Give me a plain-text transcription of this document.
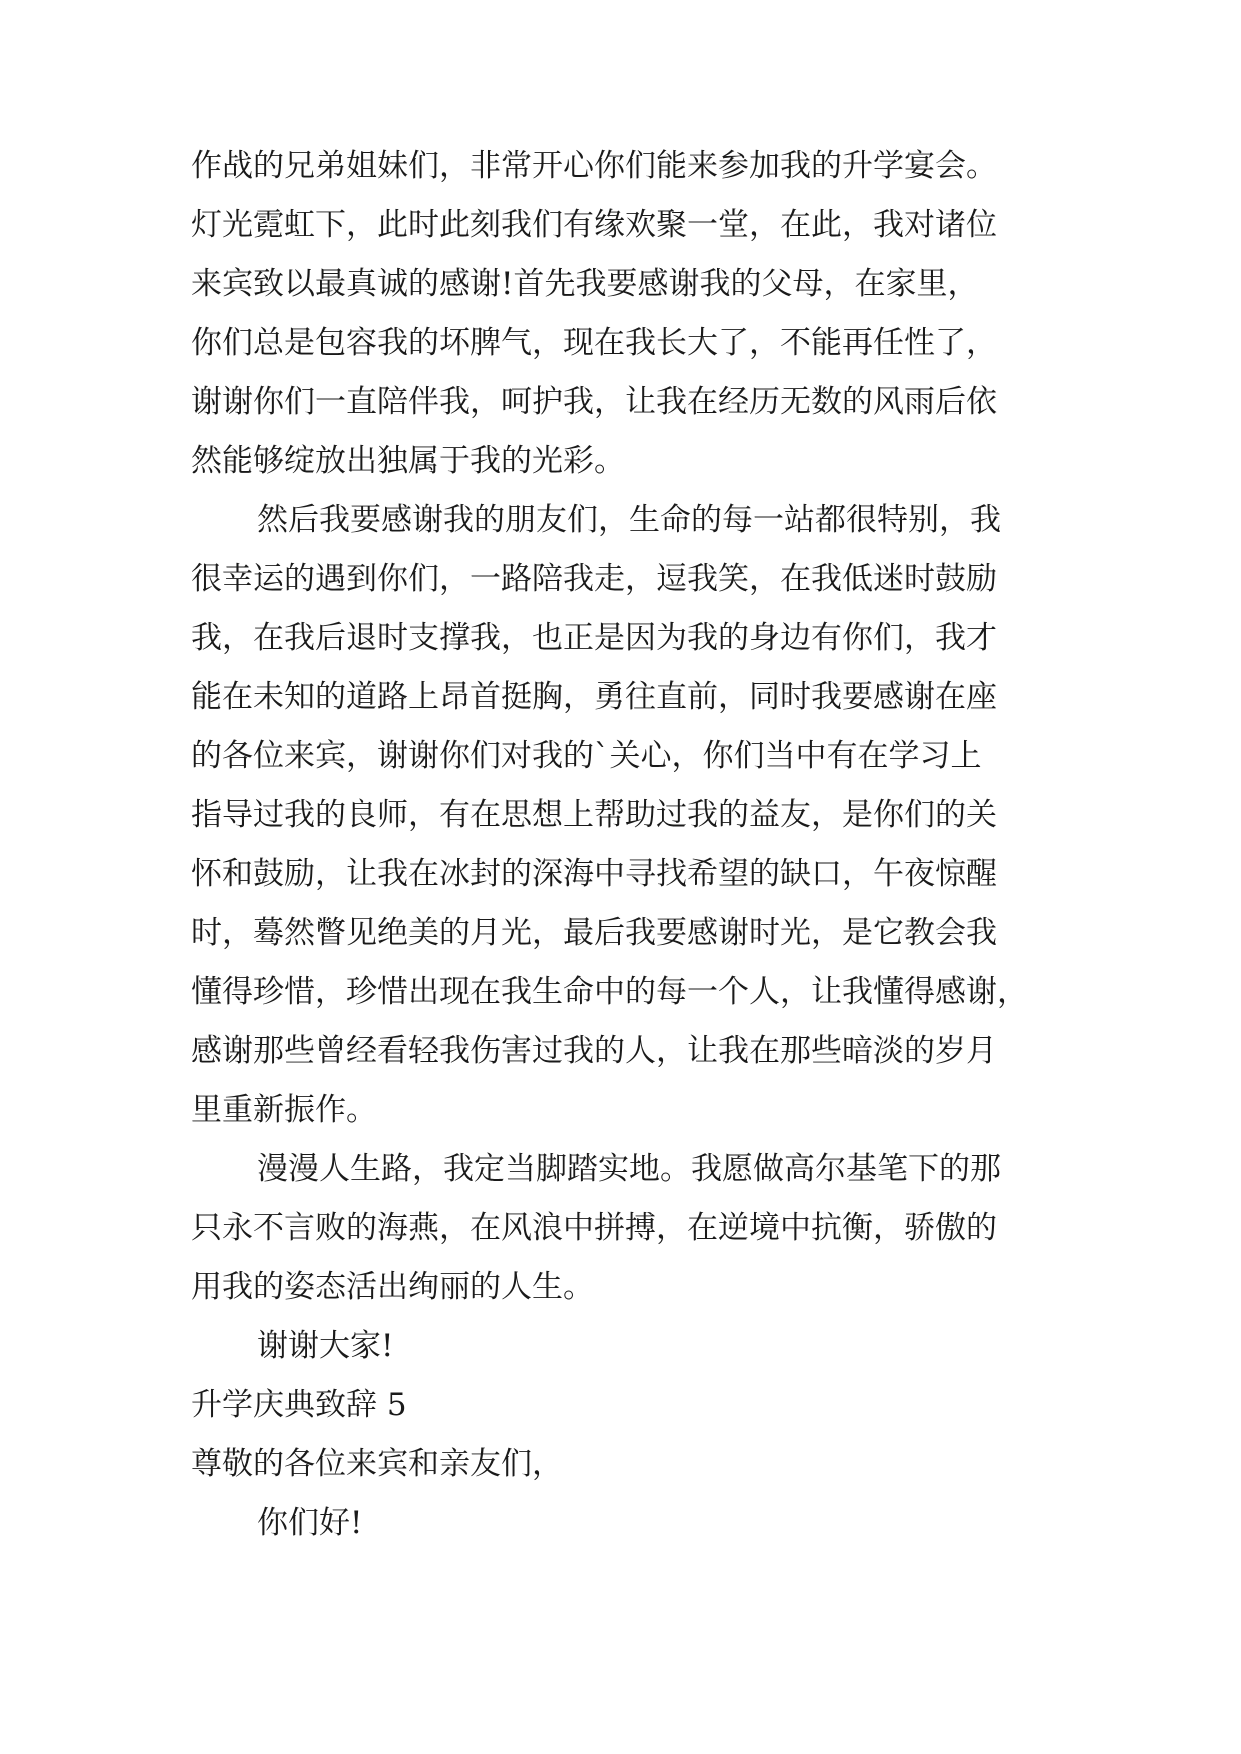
作战的兄弟姐妹们，非常开心你们能来参加我的升学宴会。
灯光霓虹下，此时此刻我们有缘欢聚一堂，在此，我对诸位
来宾致以最真诚的感谢!首先我要感谢我的父母，在家里，
你们总是包容我的坏脾气，现在我长大了，不能再任性了，
谢谢你们一直陪伴我，呵护我，让我在经历无数的风雨后依
然能够绽放出独属于我的光彩。
然后我要感谢我的朋友们，生命的每一站都很特别，我
很幸运的遇到你们，一路陪我走，逗我笑，在我低迷时鼓励
我，在我后退时支撑我，也正是因为我的身边有你们，我才
能在未知的道路上昂首挺胸，勇往直前，同时我要感谢在座
的各位来宾，谢谢你们对我的`关心，你们当中有在学习上
指导过我的良师，有在思想上帮助过我的益友，是你们的关
怀和鼓励，让我在冰封的深海中寻找希望的缺口，午夜惊醒
时，蓦然瞥见绝美的月光，最后我要感谢时光，是它教会我
懂得珍惜，珍惜出现在我生命中的每一个人，让我懂得感谢，
感谢那些曾经看轻我伤害过我的人，让我在那些暗淡的岁月
里重新振作。
漫漫人生路，我定当脚踏实地。我愿做高尔基笔下的那
只永不言败的海燕，在风浪中拼搏，在逆境中抗衡，骄傲的
用我的姿态活出绚丽的人生。
谢谢大家!
升学庆典致辞 5
尊敬的各位来宾和亲友们，
你们好!
